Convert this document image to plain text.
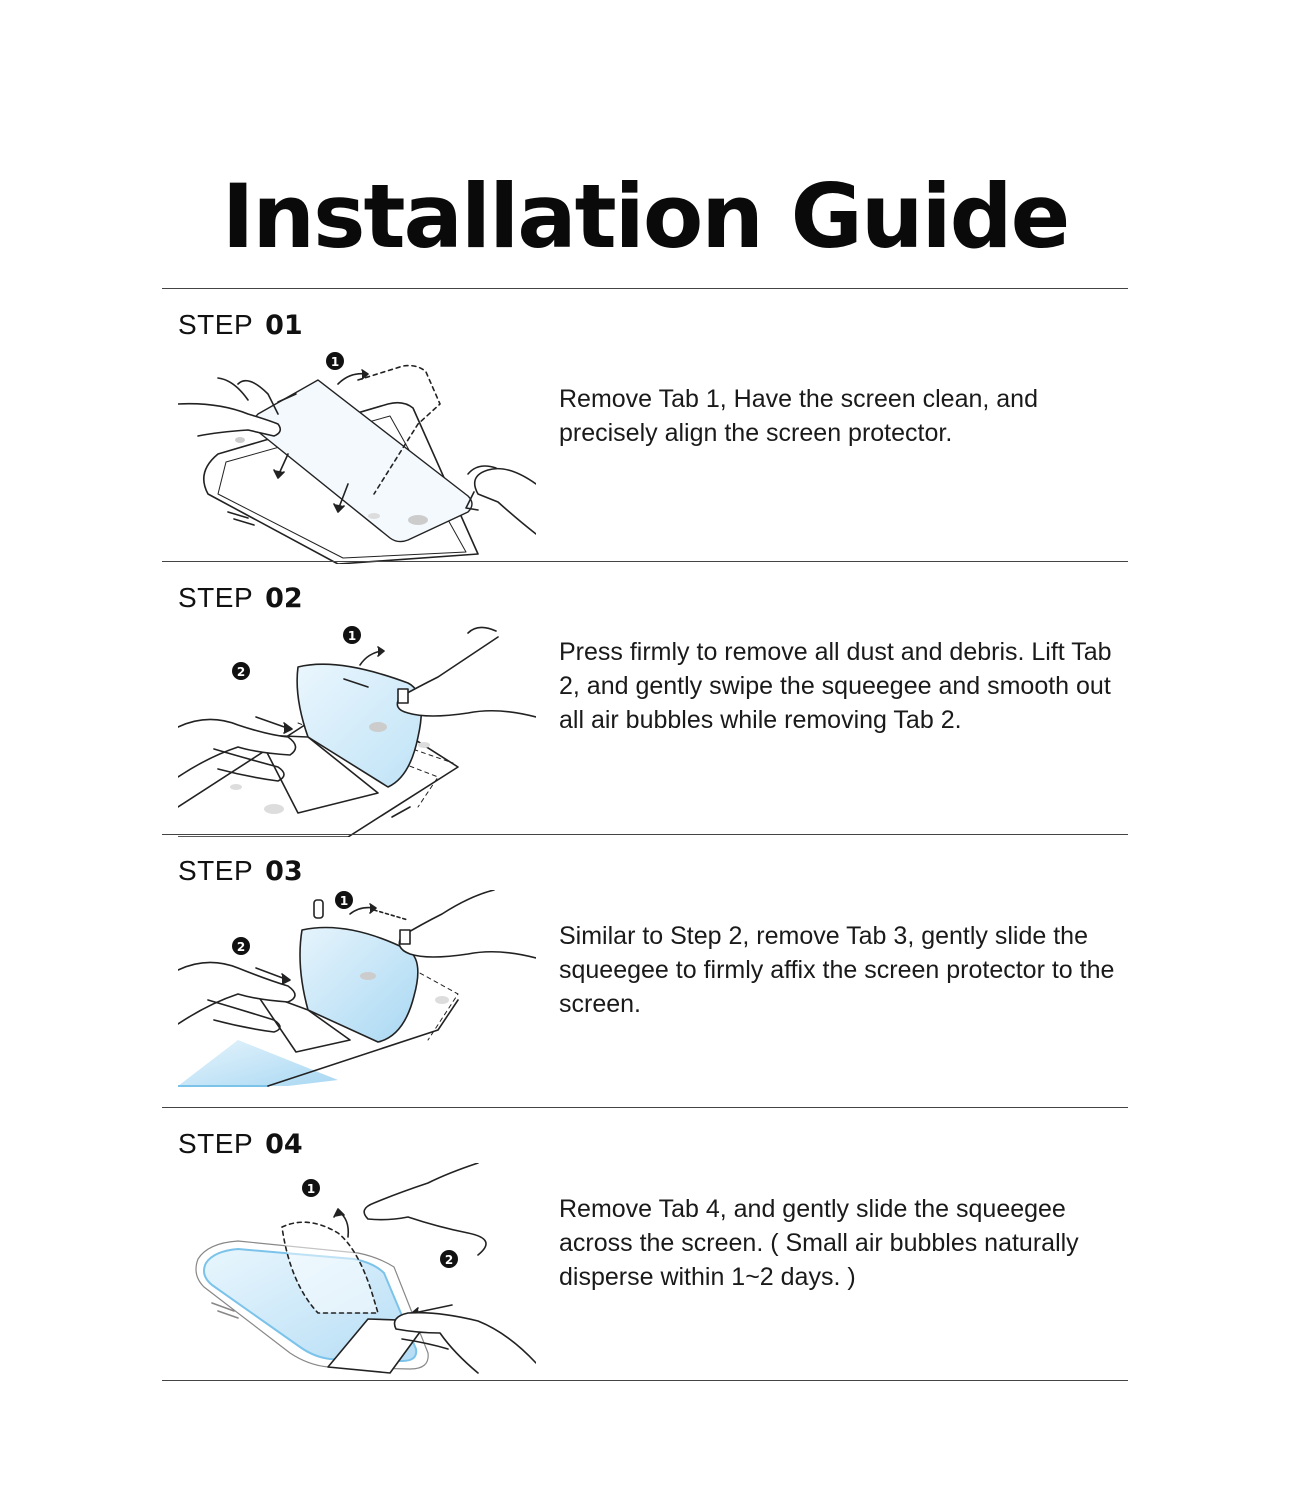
Installation Guide
STEP 01
1

Remove Tab 1, Have the screen clean, and precisely align the screen protector.

STEP 02
1
2

Press firmly to remove all dust and debris. Lift Tab 2, and gently swipe the squeegee and smooth out all air bubbles while removing Tab 2.

STEP 03
1
2	Similar to Step 2, remove Tab 3, gently slide the squeegee to firmly affix the screen protector to the screen.

STEP 04
1
2

Remove Tab 4, and gently slide the squeegee across the screen. ( Small air bubbles naturally disperse within 1~2 days. )
